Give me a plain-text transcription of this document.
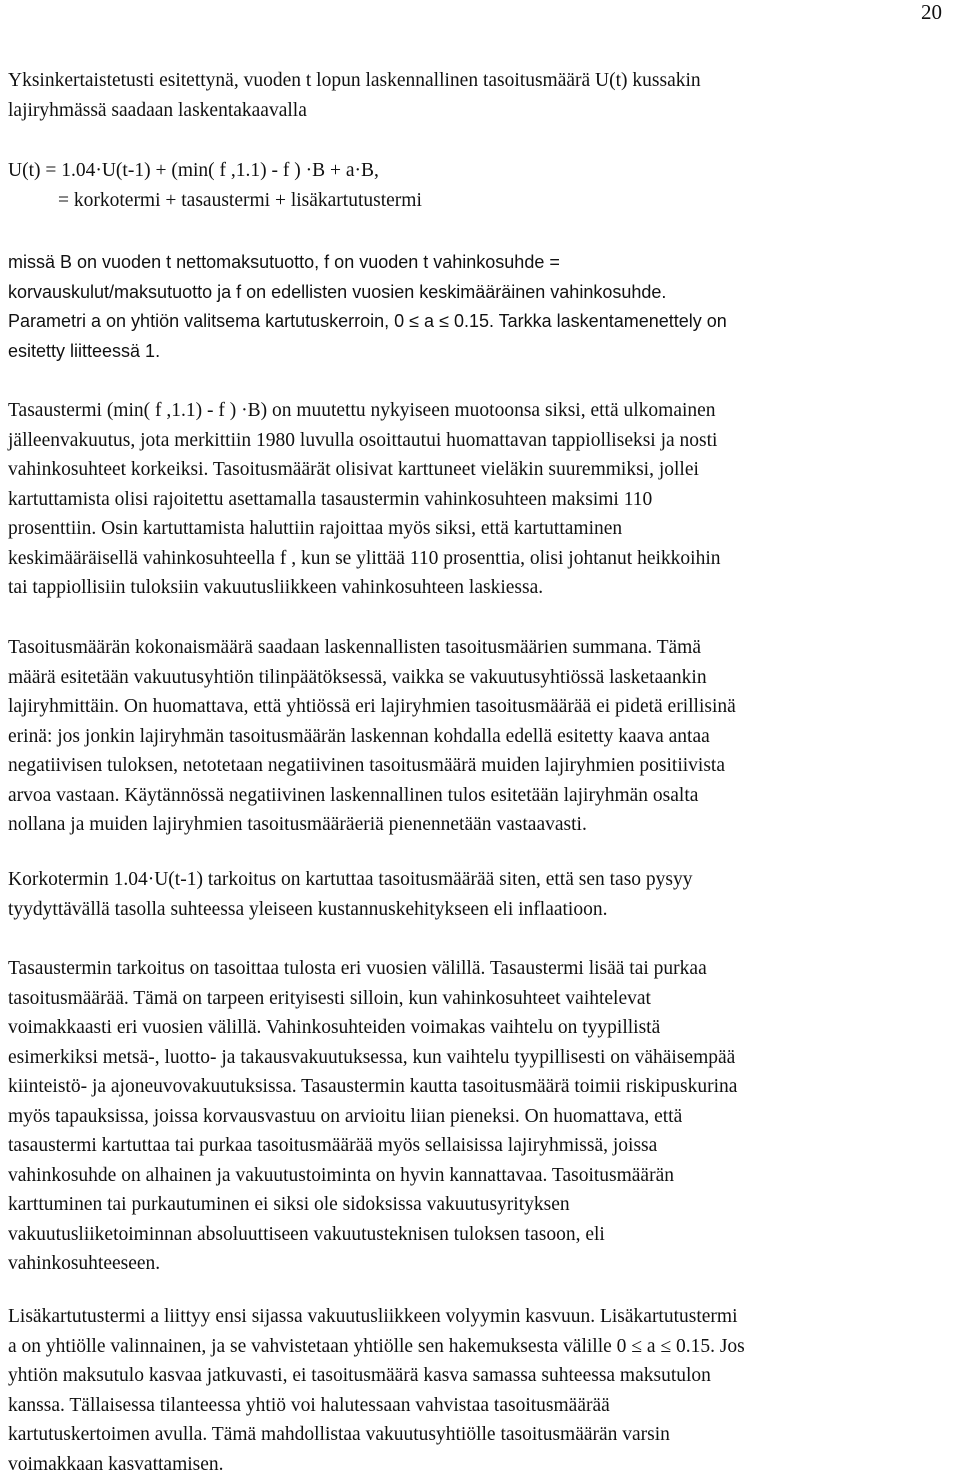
20
Yksinkertaistetusti esitettynä, vuoden t lopun laskennallinen tasoitusmäärä U(t) kussakin
lajiryhmässä saadaan laskentakaavalla
U(t) = 1.04·U(t-1) + (min( f ,1.1) - f ) ·B + a·B,
= korkotermi + tasaustermi + lisäkartutustermi
missä B on vuoden t nettomaksutuotto, f on vuoden t vahinkosuhde =
korvauskulut/maksutuotto ja f on edellisten vuosien keskimääräinen vahinkosuhde.
Parametri a on yhtiön valitsema kartutuskerroin, 0 ≤ a ≤ 0.15. Tarkka laskentamenettely on
esitetty liitteessä 1.
Tasaustermi (min( f ,1.1) - f ) ·B) on muutettu nykyiseen muotoonsa siksi, että ulkomainen
jälleenvakuutus, jota merkittiin 1980 luvulla osoittautui huomattavan tappiolliseksi ja nosti
vahinkosuhteet korkeiksi. Tasoitusmäärät olisivat karttuneet vieläkin suuremmiksi, jollei
kartuttamista olisi rajoitettu asettamalla tasaustermin vahinkosuhteen maksimi 110
prosenttiin. Osin kartuttamista haluttiin rajoittaa myös siksi, että kartuttaminen
keskimääräisellä vahinkosuhteella f , kun se ylittää 110 prosenttia, olisi johtanut heikkoihin
tai tappiollisiin tuloksiin vakuutusliikkeen vahinkosuhteen laskiessa.
Tasoitusmäärän kokonaismäärä saadaan laskennallisten tasoitusmäärien summana. Tämä
määrä esitetään vakuutusyhtiön tilinpäätöksessä, vaikka se vakuutusyhtiössä lasketaankin
lajiryhmittäin. On huomattava, että yhtiössä eri lajiryhmien tasoitusmäärää ei pidetä erillisinä
erinä: jos jonkin lajiryhmän tasoitusmäärän laskennan kohdalla edellä esitetty kaava antaa
negatiivisen tuloksen, netotetaan negatiivinen tasoitusmäärä muiden lajiryhmien positiivista
arvoa vastaan. Käytännössä negatiivinen laskennallinen tulos esitetään lajiryhmän osalta
nollana ja muiden lajiryhmien tasoitusmääräeriä pienennetään vastaavasti.
Korkotermin 1.04·U(t-1) tarkoitus on kartuttaa tasoitusmäärää siten, että sen taso pysyy
tyydyttävällä tasolla suhteessa yleiseen kustannuskehitykseen eli inflaatioon.
Tasaustermin tarkoitus on tasoittaa tulosta eri vuosien välillä. Tasaustermi lisää tai purkaa
tasoitusmäärää. Tämä on tarpeen erityisesti silloin, kun vahinkosuhteet vaihtelevat
voimakkaasti eri vuosien välillä. Vahinkosuhteiden voimakas vaihtelu on tyypillistä
esimerkiksi metsä-, luotto- ja takausvakuutuksessa, kun vaihtelu tyypillisesti on vähäisempää
kiinteistö- ja ajoneuvovakuutuksissa. Tasaustermin kautta tasoitusmäärä toimii riskipuskurina
myös tapauksissa, joissa korvausvastuu on arvioitu liian pieneksi. On huomattava, että
tasaustermi kartuttaa tai purkaa tasoitusmäärää myös sellaisissa lajiryhmissä, joissa
vahinkosuhde on alhainen ja vakuutustoiminta on hyvin kannattavaa. Tasoitusmäärän
karttuminen tai purkautuminen ei siksi ole sidoksissa vakuutusyrityksen
vakuutusliiketoiminnan absoluuttiseen vakuutusteknisen tuloksen tasoon, eli
vahinkosuhteeseen.
Lisäkartutustermi a liittyy ensi sijassa vakuutusliikkeen volyymin kasvuun. Lisäkartutustermi
a on yhtiölle valinnainen, ja se vahvistetaan yhtiölle sen hakemuksesta välille 0 ≤ a ≤ 0.15. Jos
yhtiön maksutulo kasvaa jatkuvasti, ei tasoitusmäärä kasva samassa suhteessa maksutulon
kanssa. Tällaisessa tilanteessa yhtiö voi halutessaan vahvistaa tasoitusmäärää
kartutuskertoimen avulla. Tämä mahdollistaa vakuutusyhtiölle tasoitusmäärän varsin
voimakkaan kasvattamisen.
